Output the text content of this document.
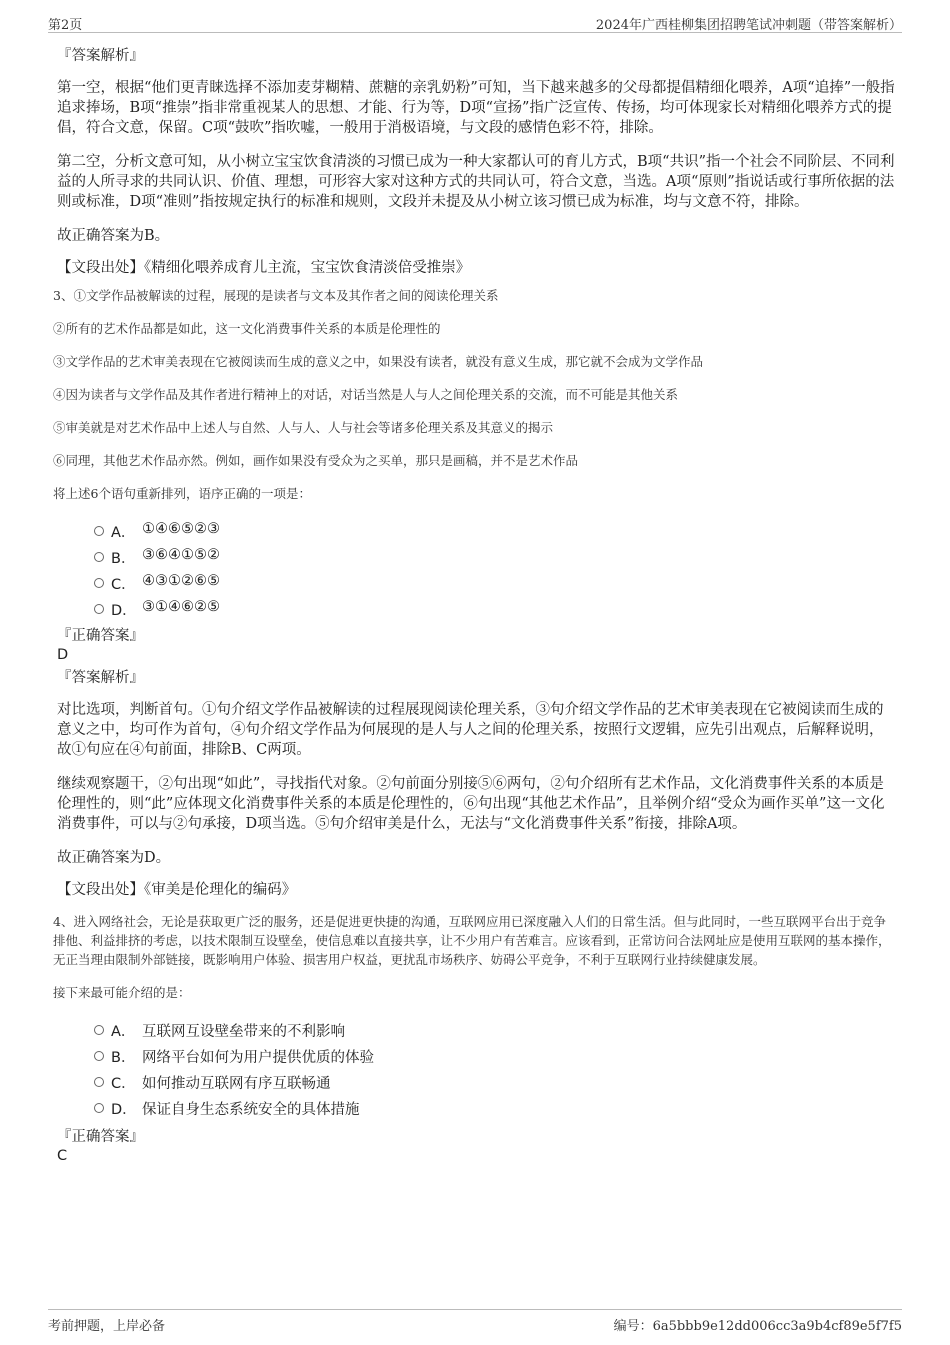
第2页	2024年广西桂柳集团招聘笔试冲刺题（带答案解析）

『答案解析』

第一空，根据“他们更青睐选择不添加麦芽糊精、蔗糖的亲乳奶粉”可知，当下越来越多的父母都提倡精细化喂养，A项“追捧”一般指追求捧场，B项“推崇”指非常重视某人的思想、才能、行为等，D项“宣扬”指广泛宣传、传扬，均可体现家长对精细化喂养方式的提倡，符合文意，保留。C项“鼓吹”指吹嘘，一般用于消极语境，与文段的感情色彩不符，排除。

第二空，分析文意可知，从小树立宝宝饮食清淡的习惯已成为一种大家都认可的育儿方式，B项“共识”指一个社会不同阶层、不同利益的人所寻求的共同认识、价值、理想，可形容大家对这种方式的共同认可，符合文意，当选。A项“原则”指说话或行事所依据的法则或标准，D项“准则”指按规定执行的标准和规则，文段并未提及从小树立该习惯已成为标准，均与文意不符，排除。

故正确答案为B。

【文段出处】《精细化喂养成育儿主流，宝宝饮食清淡倍受推崇》

3、①文学作品被解读的过程，展现的是读者与文本及其作者之间的阅读伦理关系

②所有的艺术作品都是如此，这一文化消费事件关系的本质是伦理性的

③文学作品的艺术审美表现在它被阅读而生成的意义之中，如果没有读者，就没有意义生成，那它就不会成为文学作品

④因为读者与文学作品及其作者进行精神上的对话，对话当然是人与人之间伦理关系的交流，而不可能是其他关系

⑤审美就是对艺术作品中上述人与自然、人与人、人与社会等诸多伦理关系及其意义的揭示

⑥同理，其他艺术作品亦然。例如，画作如果没有受众为之买单，那只是画稿，并不是艺术作品

将上述6个语句重新排列，语序正确的一项是：

A． ①④⑥⑤②③
B． ③⑥④①⑤②
C． ④③①②⑥⑤
D． ③①④⑥②⑤

『正确答案』

D

『答案解析』

对比选项，判断首句。①句介绍文学作品被解读的过程展现阅读伦理关系，③句介绍文学作品的艺术审美表现在它被阅读而生成的意义之中，均可作为首句，④句介绍文学作品为何展现的是人与人之间的伦理关系，按照行文逻辑，应先引出观点，后解释说明，故①句应在④句前面，排除B、C两项。

继续观察题干，②句出现“如此”，寻找指代对象。②句前面分别接⑤⑥两句，②句介绍所有艺术作品，文化消费事件关系的本质是伦理性的，则“此”应体现文化消费事件关系的本质是伦理性的，⑥句出现“其他艺术作品”，且举例介绍“受众为画作买单”这一文化消费事件，可以与②句承接，D项当选。⑤句介绍审美是什么，无法与“文化消费事件关系”衔接，排除A项。

故正确答案为D。

【文段出处】《审美是伦理化的编码》

4、进入网络社会，无论是获取更广泛的服务，还是促进更快捷的沟通，互联网应用已深度融入人们的日常生活。但与此同时，一些互联网平台出于竞争排他、利益排挤的考虑，以技术限制互设壁垒，使信息难以直接共享，让不少用户有苦难言。应该看到，正常访问合法网址应是使用互联网的基本操作，无正当理由限制外部链接，既影响用户体验、损害用户权益，更扰乱市场秩序、妨碍公平竞争，不利于互联网行业持续健康发展。

接下来最可能介绍的是：

A． 互联网互设壁垒带来的不利影响
B． 网络平台如何为用户提供优质的体验
C． 如何推动互联网有序互联畅通
D． 保证自身生态系统安全的具体措施

『正确答案』

C

考前押题，上岸必备	编号：6a5bbb9e12dd006cc3a9b4cf89e5f7f5
